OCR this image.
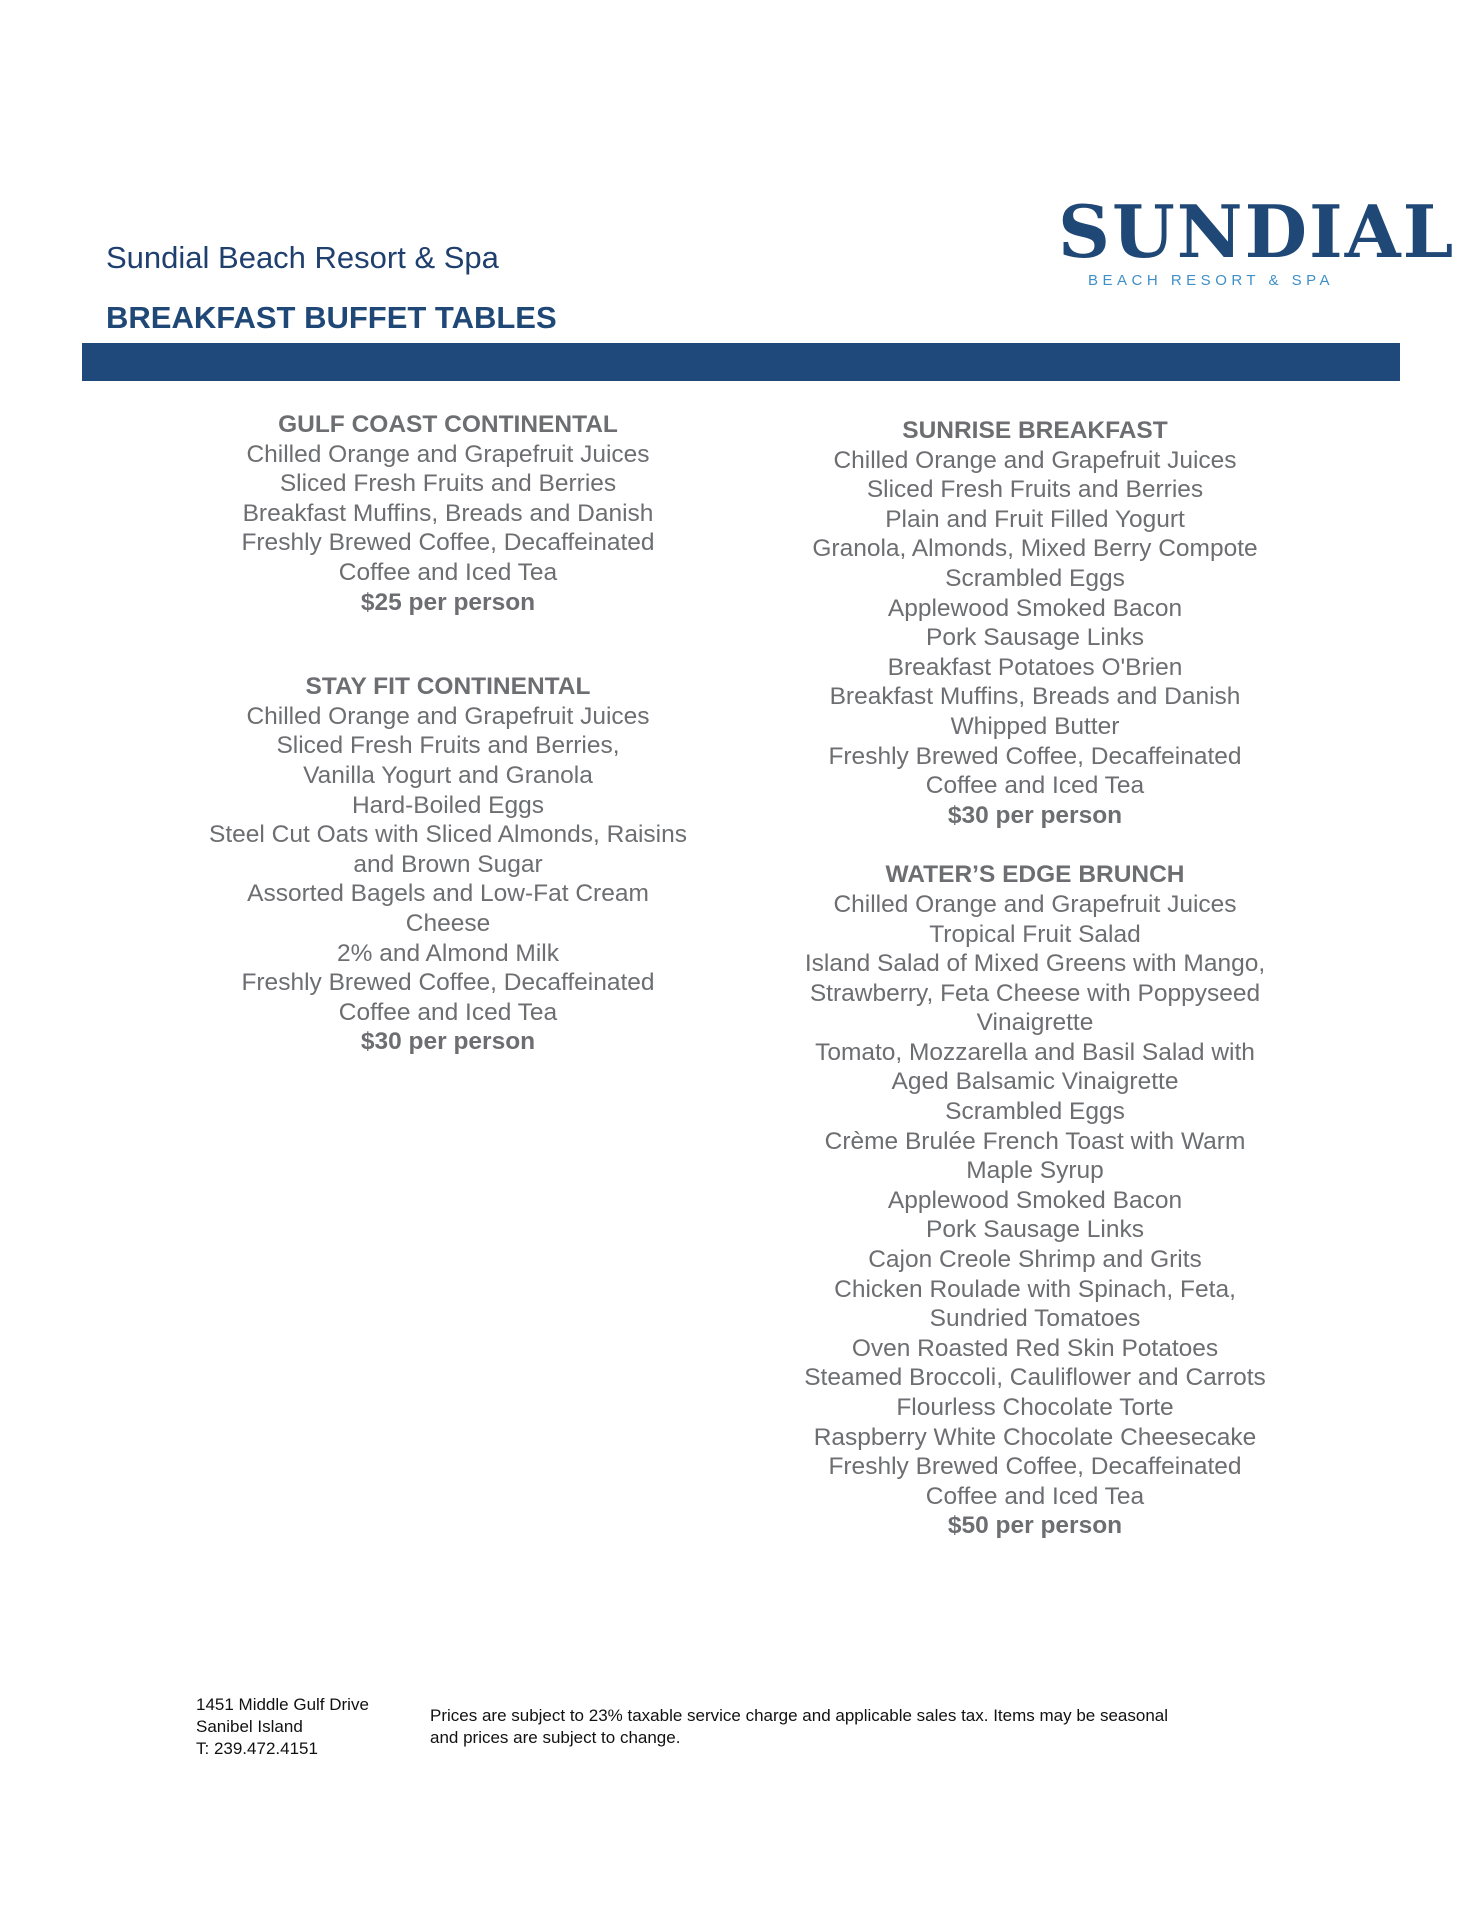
Sundial Beach Resort & Spa
BREAKFAST BUFFET TABLES
SUNDIAL
BEACH RESORT & SPA
GULF COAST CONTINENTAL
Chilled Orange and Grapefruit Juices
Sliced Fresh Fruits and Berries
Breakfast Muffins, Breads and Danish
Freshly Brewed Coffee, Decaffeinated
Coffee and Iced Tea
$25 per person
STAY FIT CONTINENTAL
Chilled Orange and Grapefruit Juices
Sliced Fresh Fruits and Berries,
Vanilla Yogurt and Granola
Hard-Boiled Eggs
Steel Cut Oats with Sliced Almonds, Raisins
and Brown Sugar
Assorted Bagels and Low-Fat Cream
Cheese
2% and Almond Milk
Freshly Brewed Coffee, Decaffeinated
Coffee and Iced Tea
$30 per person
SUNRISE BREAKFAST
Chilled Orange and Grapefruit Juices
Sliced Fresh Fruits and Berries
Plain and Fruit Filled Yogurt
Granola, Almonds, Mixed Berry Compote
Scrambled Eggs
Applewood Smoked Bacon
Pork Sausage Links
Breakfast Potatoes O'Brien
Breakfast Muffins, Breads and Danish
Whipped Butter
Freshly Brewed Coffee, Decaffeinated
Coffee and Iced Tea
$30 per person
WATER’S EDGE BRUNCH
Chilled Orange and Grapefruit Juices
Tropical Fruit Salad
Island Salad of Mixed Greens with Mango,
Strawberry, Feta Cheese with Poppyseed
Vinaigrette
Tomato, Mozzarella and Basil Salad with
Aged Balsamic Vinaigrette
Scrambled Eggs
Crème Brulée French Toast with Warm
Maple Syrup
Applewood Smoked Bacon
Pork Sausage Links
Cajon Creole Shrimp and Grits
Chicken Roulade with Spinach, Feta,
Sundried Tomatoes
Oven Roasted Red Skin Potatoes
Steamed Broccoli, Cauliflower and Carrots
Flourless Chocolate Torte
Raspberry White Chocolate Cheesecake
Freshly Brewed Coffee, Decaffeinated
Coffee and Iced Tea
$50 per person
1451 Middle Gulf Drive
Sanibel Island
T: 239.472.4151
Prices are subject to 23% taxable service charge and applicable sales tax. Items may be seasonal
and prices are subject to change.
